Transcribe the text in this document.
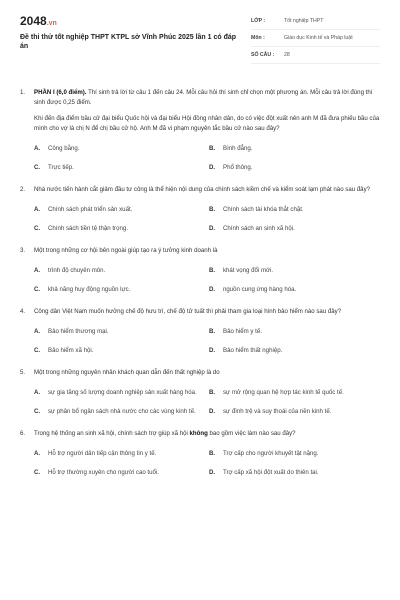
2048.vn
Đề thi thử tốt nghiệp THPT KTPL sở Vĩnh Phúc 2025 lần 1 có đáp án
LỚP :	Tốt nghiệp THPT
Môn :	Giáo dục Kinh tế và Pháp luật
SỐ CÂU :	28
1.	PHẦN I (6,0 điểm). Thí sinh trả lời từ câu 1 đến câu 24. Mỗi câu hỏi thí sinh chỉ chọn một phương án. Mỗi câu trả lời đúng thí sinh được 0,25 điểm.
Khi đến địa điểm bầu cử đại biểu Quốc hội và đại biểu Hội đồng nhân dân, do có việc đột xuất nên anh M đã đưa phiếu bầu của mình cho vợ là chị N để chị bầu cử hộ. Anh M đã vi phạm nguyên tắc bầu cử nào sau đây?
A.	Công bằng.	B.	Bình đẳng.
C.	Trực tiếp.	D.	Phổ thông.
2.	Nhà nước tiến hành cắt giảm đầu tư công là thể hiện nội dung của chính sách kiềm chế và kiểm soát lạm phát nào sau đây?
A.	Chính sách phát triển sản xuất.	B.	Chính sách tài khóa thắt chặt.
C.	Chính sách tiền tệ thận trọng.	D.	Chính sách an sinh xã hội.
3.	Một trong những cơ hội bên ngoài giúp tạo ra ý tưởng kinh doanh là
A.	trình độ chuyên môn.	B.	khát vọng đổi mới.
C.	khả năng huy động nguồn lực.	D.	nguồn cung ứng hàng hóa.
4.	Công dân Việt Nam muốn hưởng chế độ hưu trí, chế độ tử tuất thì phải tham gia loại hình bảo hiểm nào sau đây?
A.	Bảo hiểm thương mại.	B.	Bảo hiểm y tế.
C.	Bảo hiểm xã hội.	D.	Bảo hiểm thất nghiệp.
5.	Một trong những nguyên nhân khách quan dẫn đến thất nghiệp là do
A.	sự gia tăng số lượng doanh nghiệp sản xuất hàng hóa.	B.	sự mở rộng quan hệ hợp tác kinh tế quốc tế.
C.	sự phân bổ ngân sách nhà nước cho các vùng kinh tế.	D.	sự đình trệ và suy thoái của nền kinh tế.
6.	Trong hệ thống an sinh xã hội, chính sách trợ giúp xã hội không bao gồm việc làm nào sau đây?
A.	Hỗ trợ người dân tiếp cận thông tin y tế.	B.	Trợ cấp cho người khuyết tật nặng.
C.	Hỗ trợ thường xuyên cho người cao tuổi.	D.	Trợ cấp xã hội đột xuất do thiên tai.
